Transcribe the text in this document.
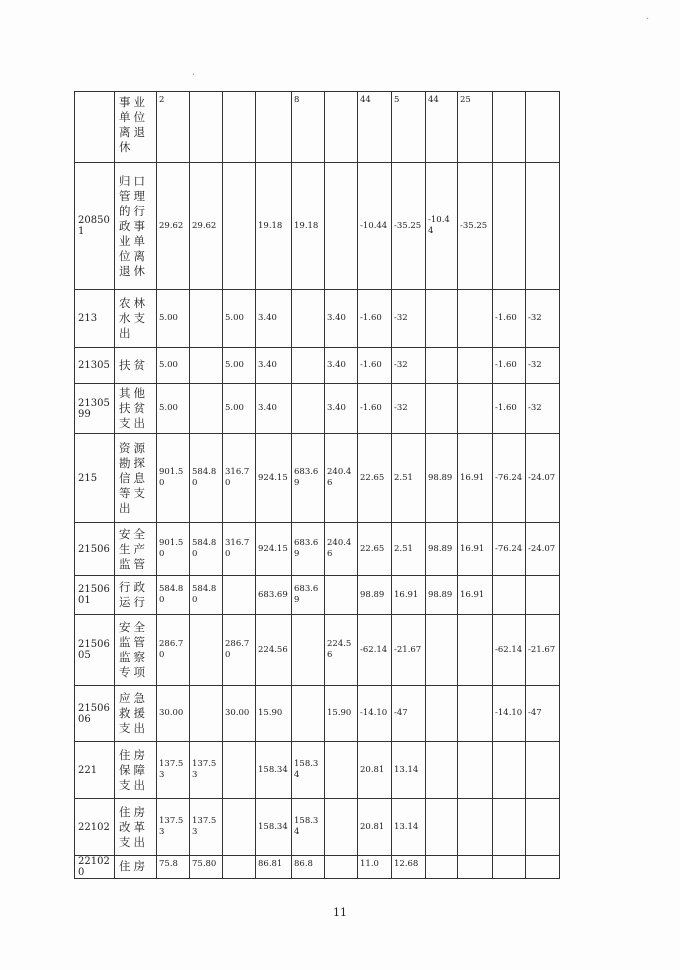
·
·
	事业单位离退休	2				8		44	5	44	25		
208501	归口管理的行政事业单位离退休	29.62	29.62		19.18	19.18		-10.44	-35.25	-10.44	-35.25		
213	农林水支出	5.00		5.00	3.40		3.40	-1.60	-32			-1.60	-32
21305	扶贫	5.00		5.00	3.40		3.40	-1.60	-32			-1.60	-32
2130599	其他扶贫支出	5.00		5.00	3.40		3.40	-1.60	-32			-1.60	-32
215	资源勘探信息等支出	901.50	584.80	316.70	924.15	683.69	240.46	22.65	2.51	98.89	16.91	-76.24	-24.07
21506	安全生产监管	901.50	584.80	316.70	924.15	683.69	240.46	22.65	2.51	98.89	16.91	-76.24	-24.07
2150601	行政运行	584.80	584.80		683.69	683.69		98.89	16.91	98.89	16.91		
2150605	安全监管监察专项	286.70		286.70	224.56		224.56	-62.14	-21.67			-62.14	-21.67
2150606	应急救援支出	30.00		30.00	15.90		15.90	-14.10	-47			-14.10	-47
221	住房保障支出	137.53	137.53		158.34	158.34		20.81	13.14				
22102	住房改革支出	137.53	137.53		158.34	158.34		20.81	13.14				
221020	住房	75.8	75.80		86.81	86.8		11.0	12.68				
11
